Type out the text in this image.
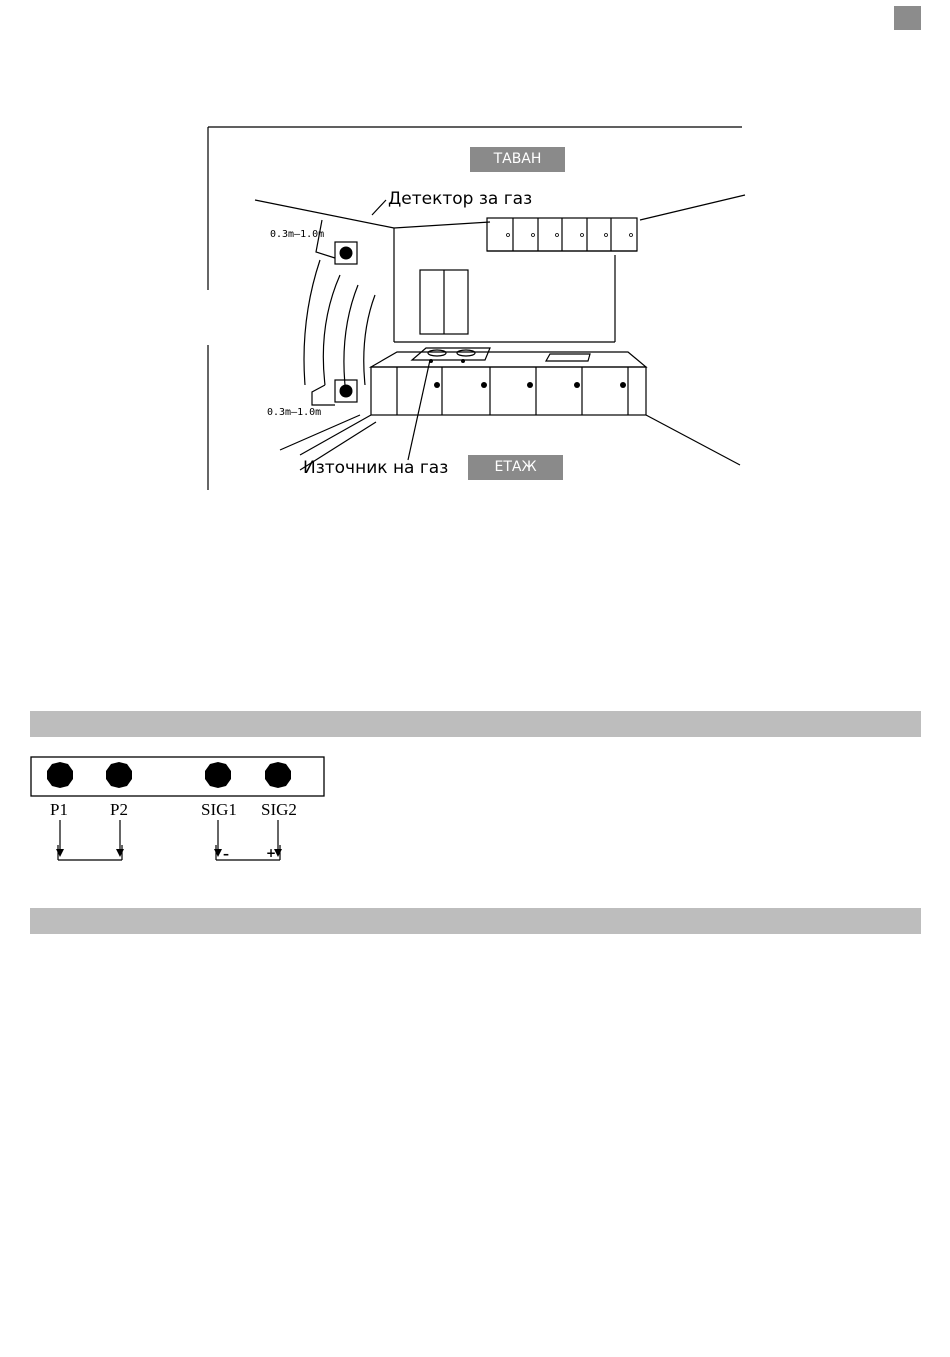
ТАВАН
ЕТАЖ
Детектор за газ
Източник на газ
0.3m—1.0m
0.3m—1.0m
P1 P2	SIG1 SIG2
–	+
